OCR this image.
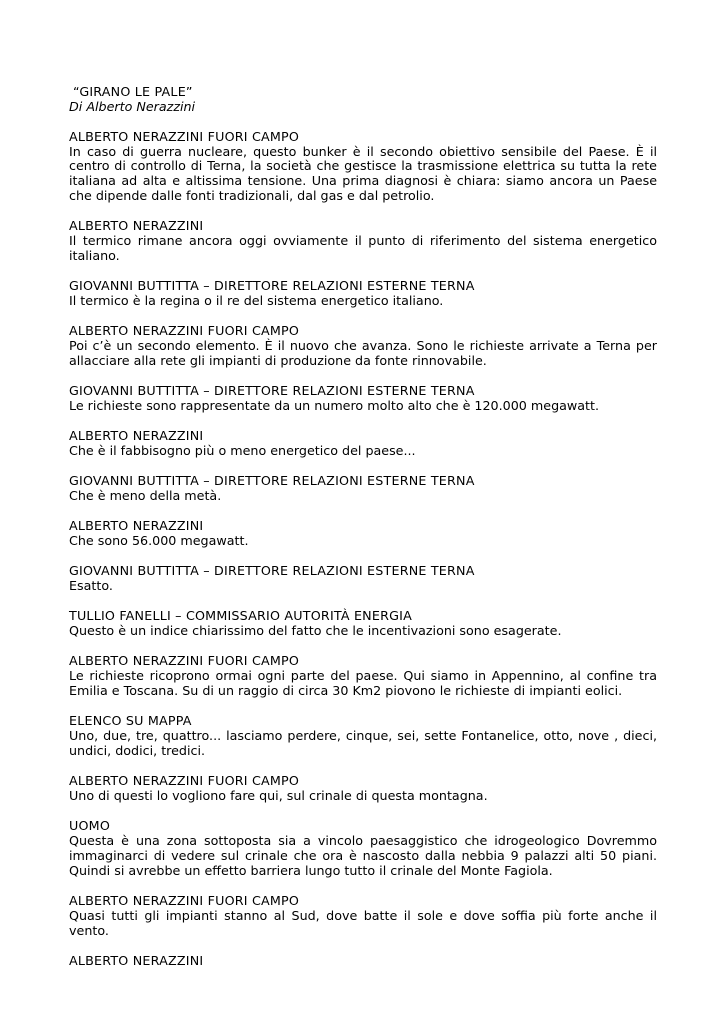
“GIRANO LE PALE”
Di Alberto Nerazzini
ALBERTO NERAZZINI FUORI CAMPO
In caso di guerra nucleare, questo bunker è il secondo obiettivo sensibile del Paese. È il centro di controllo di Terna, la società che gestisce la trasmissione elettrica su tutta la rete italiana ad alta e altissima tensione. Una prima diagnosi è chiara: siamo ancora un Paese che dipende dalle fonti tradizionali, dal gas e dal petrolio.
ALBERTO NERAZZINI
Il termico rimane ancora oggi ovviamente il punto di riferimento del sistema energetico italiano.
GIOVANNI BUTTITTA – DIRETTORE RELAZIONI ESTERNE TERNA
Il termico è la regina o il re del sistema energetico italiano.
ALBERTO NERAZZINI FUORI CAMPO
Poi c’è un secondo elemento. È il nuovo che avanza. Sono le richieste arrivate a Terna per allacciare alla rete gli impianti di produzione da fonte rinnovabile.
GIOVANNI BUTTITTA – DIRETTORE RELAZIONI ESTERNE TERNA
Le richieste sono rappresentate da un numero molto alto che è 120.000 megawatt.
ALBERTO NERAZZINI
Che è il fabbisogno più o meno energetico del paese...
GIOVANNI BUTTITTA – DIRETTORE RELAZIONI ESTERNE TERNA
Che è meno della metà.
ALBERTO NERAZZINI
Che sono 56.000 megawatt.
GIOVANNI BUTTITTA – DIRETTORE RELAZIONI ESTERNE TERNA
Esatto.
TULLIO FANELLI – COMMISSARIO AUTORITÀ ENERGIA
Questo è un indice chiarissimo del fatto che le incentivazioni sono esagerate.
ALBERTO NERAZZINI FUORI CAMPO
Le richieste ricoprono ormai ogni parte del paese. Qui siamo in Appennino, al confine tra Emilia e Toscana. Su di un raggio di circa 30 Km2 piovono le richieste di impianti eolici.
ELENCO SU MAPPA
Uno, due, tre, quattro... lasciamo perdere, cinque, sei, sette Fontanelice, otto, nove , dieci, undici, dodici, tredici.
ALBERTO NERAZZINI FUORI CAMPO
Uno di questi lo vogliono fare qui, sul crinale di questa montagna.
UOMO
Questa è una zona sottoposta sia a vincolo paesaggistico che idrogeologico Dovremmo immaginarci di vedere sul crinale che ora è nascosto dalla nebbia 9 palazzi alti 50 piani. Quindi si avrebbe un effetto barriera lungo tutto il crinale del Monte Fagiola.
ALBERTO NERAZZINI FUORI CAMPO
Quasi tutti gli impianti stanno al Sud, dove batte il sole e dove soffia più forte anche il vento.
ALBERTO NERAZZINI
